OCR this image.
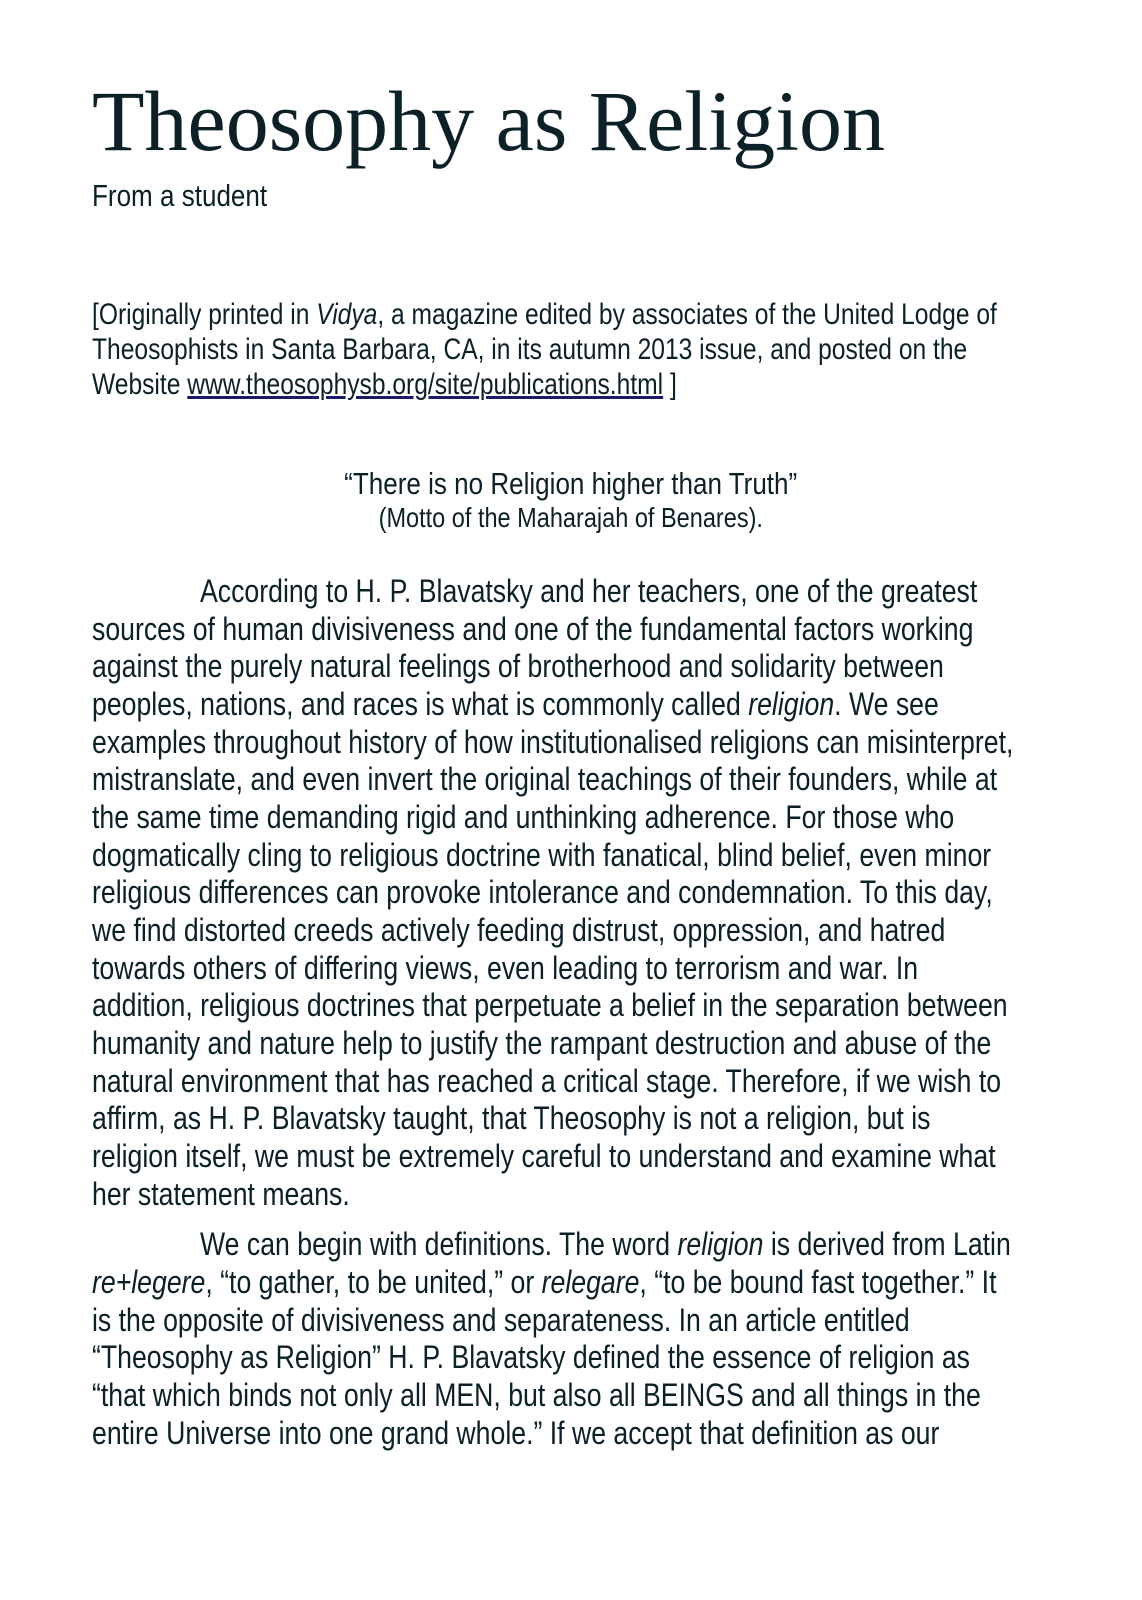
Theosophy as Religion
From a student
[Originally printed in Vidya, a magazine edited by associates of the United Lodge of
Theosophists in Santa Barbara, CA, in its autumn 2013 issue, and posted on the
Website www.theosophysb.org/site/publications.html ]
“There is no Religion higher than Truth”
(Motto of the Maharajah of Benares).
According to H. P. Blavatsky and her teachers, one of the greatest
sources of human divisiveness and one of the fundamental factors working
against the purely natural feelings of brotherhood and solidarity between
peoples, nations, and races is what is commonly called religion. We see
examples throughout history of how institutionalised religions can misinterpret,
mistranslate, and even invert the original teachings of their founders, while at
the same time demanding rigid and unthinking adherence. For those who
dogmatically cling to religious doctrine with fanatical, blind belief, even minor
religious differences can provoke intolerance and condemnation. To this day,
we find distorted creeds actively feeding distrust, oppression, and hatred
towards others of differing views, even leading to terrorism and war. In
addition, religious doctrines that perpetuate a belief in the separation between
humanity and nature help to justify the rampant destruction and abuse of the
natural environment that has reached a critical stage. Therefore, if we wish to
affirm, as H. P. Blavatsky taught, that Theosophy is not a religion, but is
religion itself, we must be extremely careful to understand and examine what
her statement means.
We can begin with definitions. The word religion is derived from Latin
re+legere, “to gather, to be united,” or relegare, “to be bound fast together.” It
is the opposite of divisiveness and separateness. In an article entitled
“Theosophy as Religion” H. P. Blavatsky defined the essence of religion as
“that which binds not only all MEN, but also all BEINGS and all things in the
entire Universe into one grand whole.” If we accept that definition as our
